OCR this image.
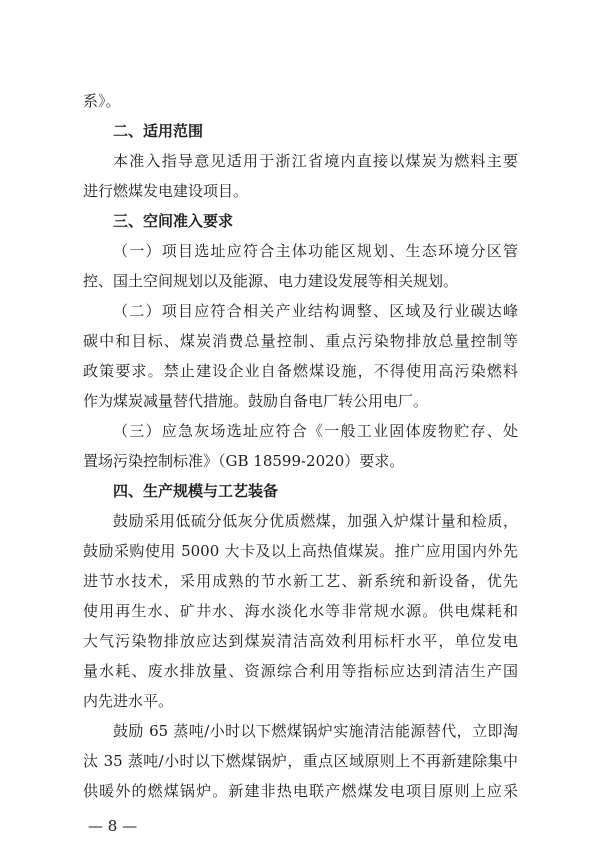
系》。
二、适用范围
本准入指导意见适用于浙江省境内直接以煤炭为燃料主要
进行燃煤发电建设项目。
三、空间准入要求
（一）项目选址应符合主体功能区规划、生态环境分区管
控、国土空间规划以及能源、电力建设发展等相关规划。
（二）项目应符合相关产业结构调整、区域及行业碳达峰
碳中和目标、煤炭消费总量控制、重点污染物排放总量控制等
政策要求。禁止建设企业自备燃煤设施，不得使用高污染燃料
作为煤炭减量替代措施。鼓励自备电厂转公用电厂。
（三）应急灰场选址应符合《一般工业固体废物贮存、处
置场污染控制标准》（GB 18599-2020）要求。
四、生产规模与工艺装备
鼓励采用低硫分低灰分优质燃煤，加强入炉煤计量和检质，
鼓励采购使用 5000 大卡及以上高热值煤炭。推广应用国内外先
进节水技术，采用成熟的节水新工艺、新系统和新设备，优先
使用再生水、矿井水、海水淡化水等非常规水源。供电煤耗和
大气污染物排放应达到煤炭清洁高效利用标杆水平，单位发电
量水耗、废水排放量、资源综合利用等指标应达到清洁生产国
内先进水平。
鼓励 65 蒸吨/小时以下燃煤锅炉实施清洁能源替代，立即淘
汰 35 蒸吨/小时以下燃煤锅炉，重点区域原则上不再新建除集中
供暖外的燃煤锅炉。新建非热电联产燃煤发电项目原则上应采
— 8 —
